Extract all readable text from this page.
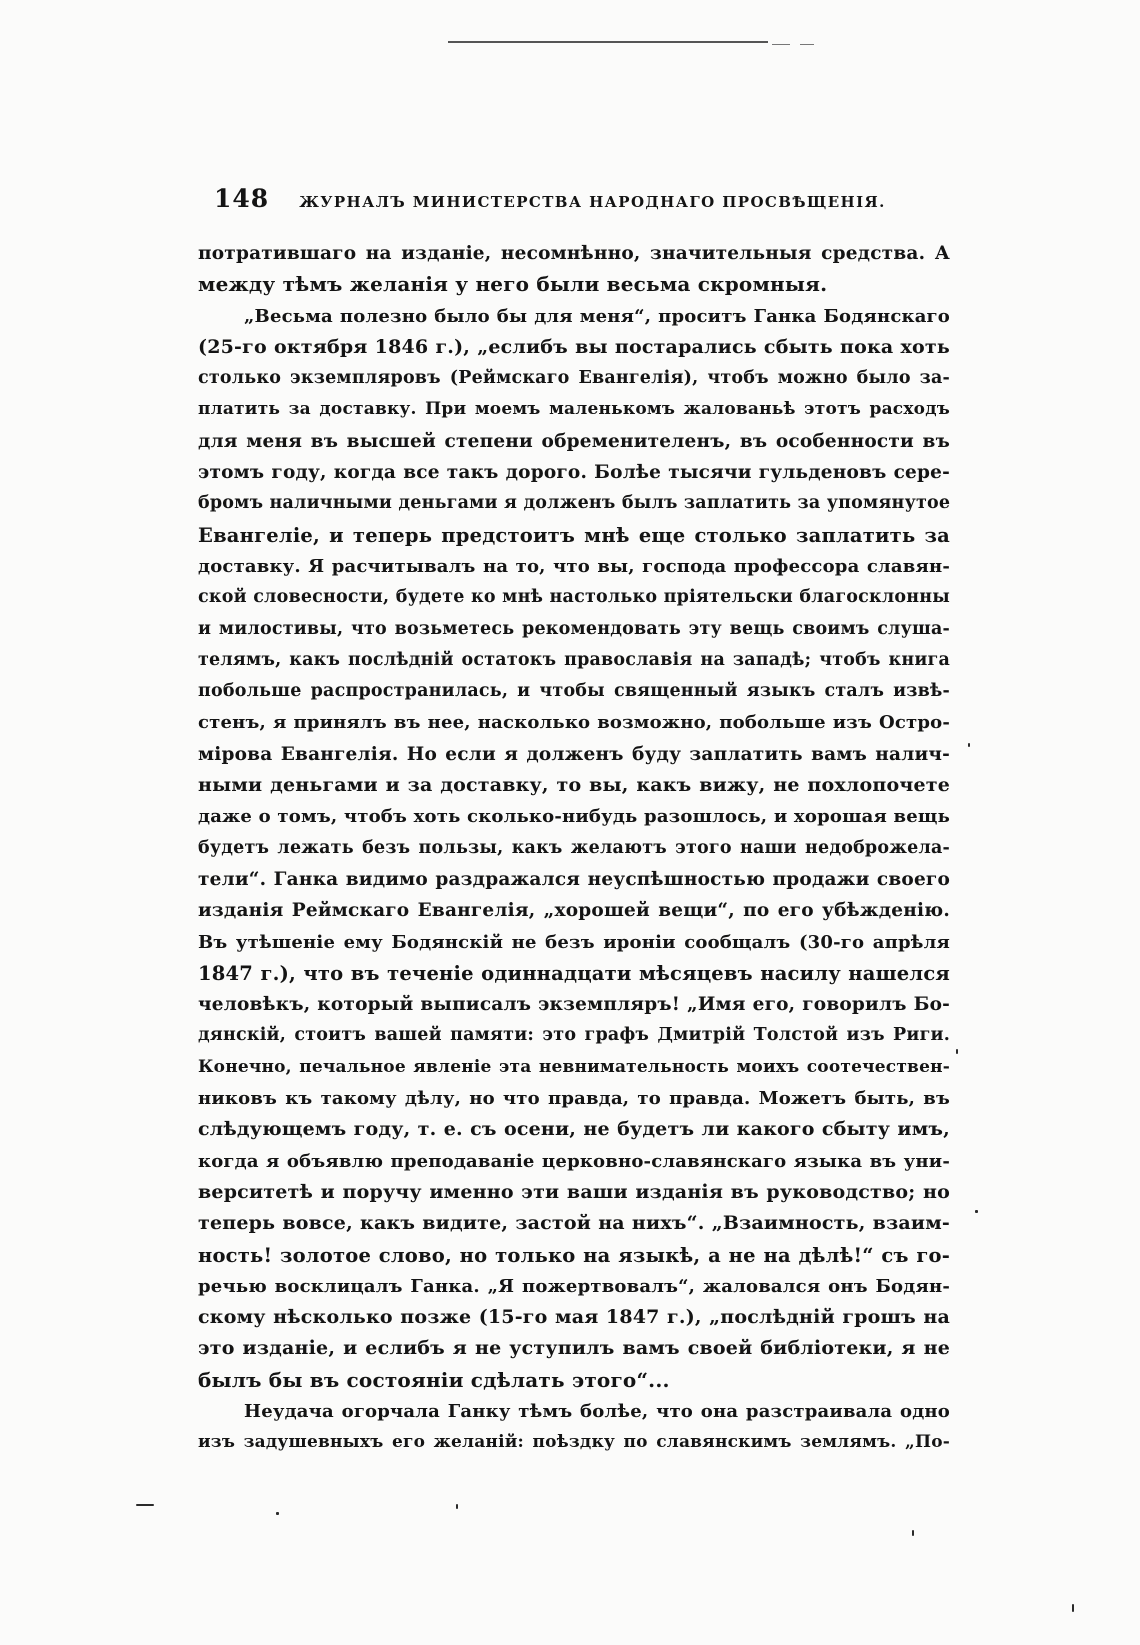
148 ЖУРНАЛЪ МИНИСТЕРСТВА НАРОДНАГО ПРОСВѢЩЕНІЯ.
потратившаго на изданіе, несомнѣнно, значительныя средства. А
между тѣмъ желанія у него были весьма скромныя.
„Весьма полезно было бы для меня“, проситъ Ганка Бодянскаго
(25-го октября 1846 г.), „еслибъ вы постарались сбыть пока хоть
столько экземпляровъ (Реймскаго Евангелія), чтобъ можно было за-
платить за доставку. При моемъ маленькомъ жалованьѣ этотъ расходъ
для меня въ высшей степени обременителенъ, въ особенности въ
этомъ году, когда все такъ дорого. Болѣе тысячи гульденовъ сере-
бромъ наличными деньгами я долженъ былъ заплатить за упомянутое
Евангеліе, и теперь предстоитъ мнѣ еще столько заплатить за
доставку. Я расчитывалъ на то, что вы, господа профессора славян-
ской словесности, будете ко мнѣ настолько пріятельски благосклонны
и милостивы, что возьметесь рекомендовать эту вещь своимъ слуша-
телямъ, какъ послѣдній остатокъ православія на западѣ; чтобъ книга
побольше распространилась, и чтобы священный языкъ сталъ извѣ-
стенъ, я принялъ въ нее, насколько возможно, побольше изъ Остро-
мірова Евангелія. Но если я долженъ буду заплатить вамъ налич-
ными деньгами и за доставку, то вы, какъ вижу, не похлопочете
даже о томъ, чтобъ хоть сколько-нибудь разошлось, и хорошая вещь
будетъ лежать безъ пользы, какъ желаютъ этого наши недоброжела-
тели“. Ганка видимо раздражался неуспѣшностью продажи своего
изданія Реймскаго Евангелія, „хорошей вещи“, по его убѣжденію.
Въ утѣшеніе ему Бодянскій не безъ ироніи сообщалъ (30-го апрѣля
1847 г.), что въ теченіе одиннадцати мѣсяцевъ насилу нашелся
человѣкъ, который выписалъ экземпляръ! „Имя его, говорилъ Бо-
дянскій, стоитъ вашей памяти: это графъ Дмитрій Толстой изъ Риги.
Конечно, печальное явленіе эта невнимательность моихъ соотечествен-
никовъ къ такому дѣлу, но что правда, то правда. Можетъ быть, въ
слѣдующемъ году, т. е. съ осени, не будетъ ли какого сбыту имъ,
когда я объявлю преподаваніе церковно-славянскаго языка въ уни-
верситетѣ и поручу именно эти ваши изданія въ руководство; но
теперь вовсе, какъ видите, застой на нихъ“. „Взаимность, взаим-
ность! золотое слово, но только на языкѣ, а не на дѣлѣ!“ съ го-
речью восклицалъ Ганка. „Я пожертвовалъ“, жаловался онъ Бодян-
скому нѣсколько позже (15-го мая 1847 г.), „послѣдній грошъ на
это изданіе, и еслибъ я не уступилъ вамъ своей библіотеки, я не
былъ бы въ состояніи сдѣлать этого“...
Неудача огорчала Ганку тѣмъ болѣе, что она разстраивала одно
изъ задушевныхъ его желаній: поѣздку по славянскимъ землямъ. „По-
